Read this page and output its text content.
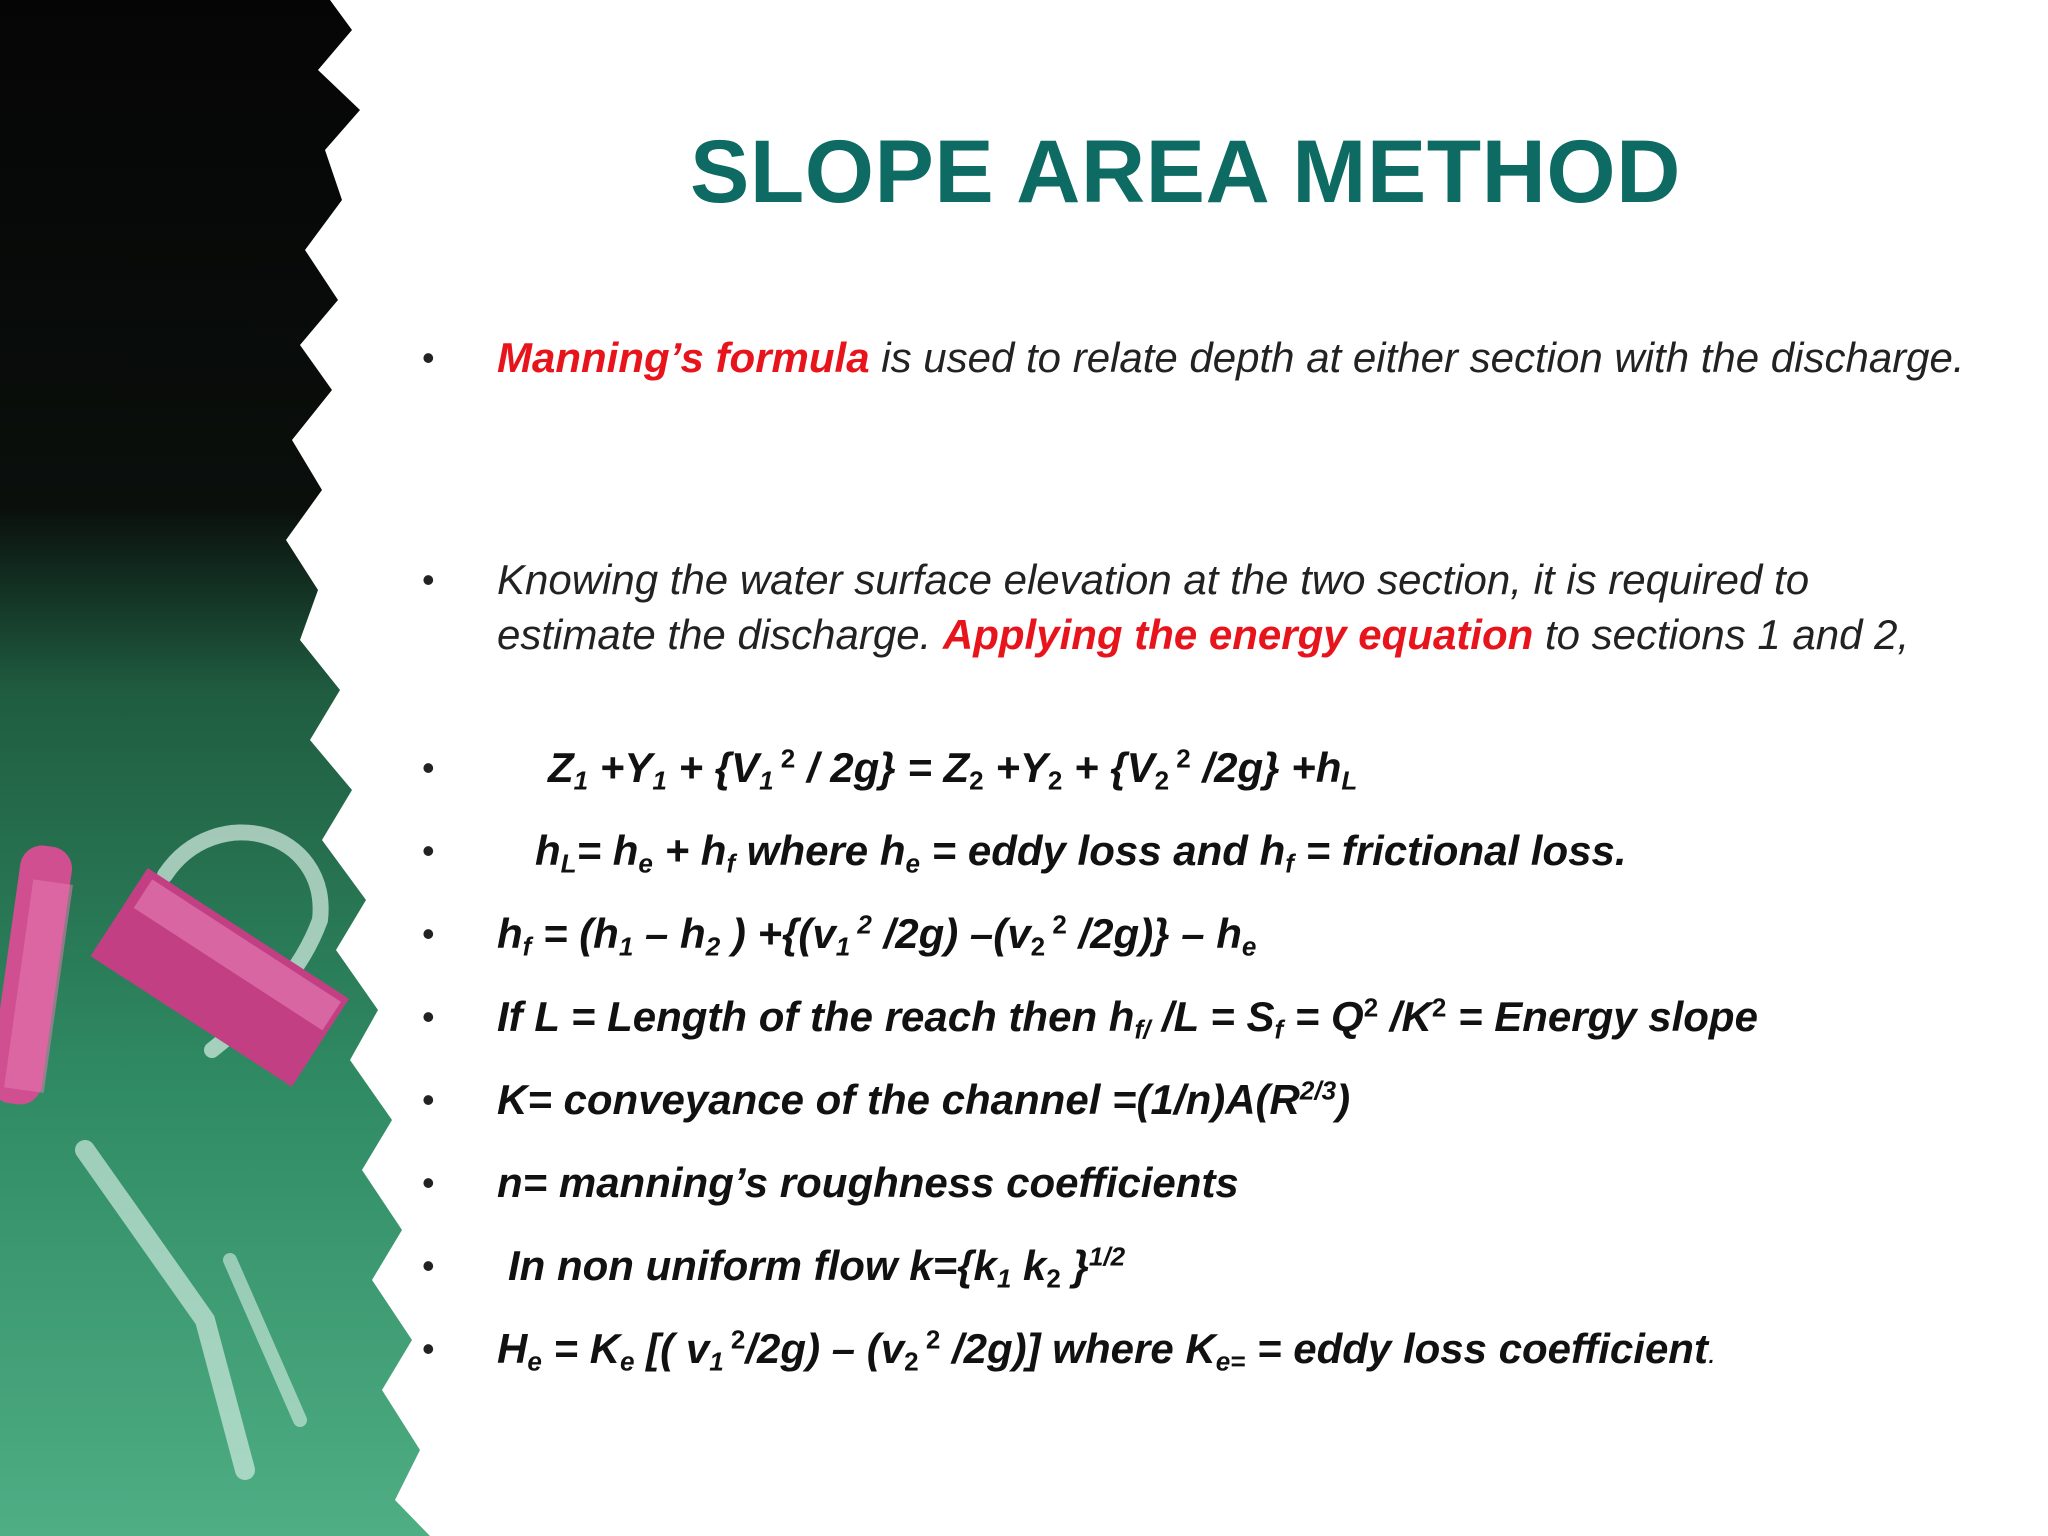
SLOPE AREA METHOD
• Manning’s formula is used to relate depth at either section with the discharge.
• Knowing the water surface elevation at the two section, it is required to estimate the discharge. Applying the energy equation to sections 1 and 2,
•	$Z_1 +Y_1 + \{V_1$ $^2 / 2g\} = Z_2 +Y_2 + \{V_2$ $^2$ $/2g\} +h_L$
• $h_L= h_e + h_f$ where $h_e$ = eddy loss and $h_f$ = frictional loss.
• $h_f = (h_1 - h_2$ ) $+\{(v_1$ $^2$ /2g) $-(v_2$ $^2$ $/2g)\} - h_e$
• If L = Length of the reach then $h_{f/}$ $/L = S_f = Q^2$ $/K^2$ = Energy slope
• K= conveyance of the channel $=(1/n)A(R^{2/3})$
• n= manning’s roughness coefficients
• In non uniform flow $k=\{k_1$ $k_2$ }$^{1/2}$
• $H_e = K_e$ [( $v_1$ $^2/2g) - (v_2$ $^2$ /2g)] where $K_{e=}$ = eddy loss coefficient.
